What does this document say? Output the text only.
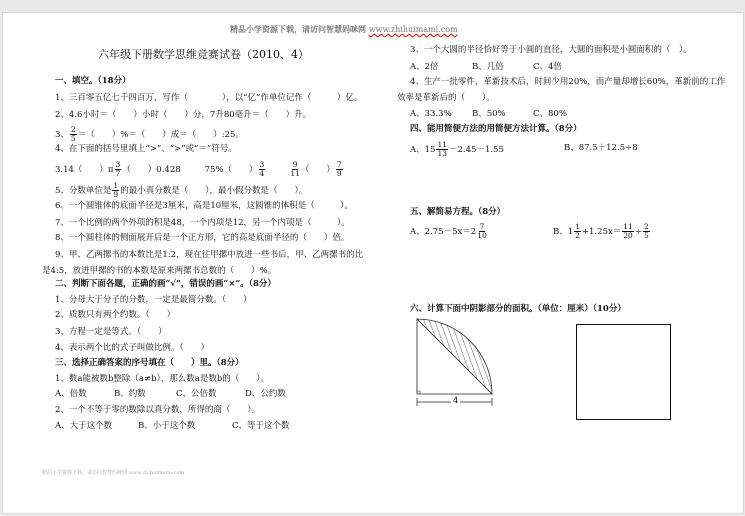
精品小学资源下载，请访问智慧妈咪网 www.zhihuimami.com
六年级下册数学思维竞赛试卷（2010、4）
一、填空。（18分）
1、三百零五亿七千四百万，写作（　　　　），以“亿”作单位记作（　　　）亿。
2、4.6小时＝（　　）小时（　　）分，7升80毫升＝（　　）升。
3、 $\frac{2}{5}$ ＝（　　）%＝（　　）成＝（　　）:25。
4、在下面的括号里填上“>”、“>”或“＝”符号。
3.14（　　）$\pi \frac{3}{7}$ （　　）0.428	75%（　　） $\frac{3}{4}$	$\frac{9}{11}$ （　　） $\frac{7}{9}$
5、分数单位是 $\frac{1}{9}$ 的最小真分数是（　　），最小假分数是（　　）。
6、一个圆锥体的底面半径是3厘米，高是10厘米，这圆锥的体积是（　　　）。
7、一个比例的两个外项的积是48，一个内项是12，另一个内项是（　　　）。
8、一个圆柱体的侧面展开后是一个正方形，它的高是底面半径的（　　）倍。
9、甲、乙两摞书的本数比是1:2，现在往甲摞中放进一些书后，甲、乙两摞书的比
是4:5，放进甲摞的书的本数是原来两摞书总数的（　　）%。
二、判断下面各题，正确的画“√”，错误的画“×”。（8分）
1、分母大于分子的分数，一定是最简分数。（　　）
2、质数只有两个约数。（　　）
3、方程一定是等式。（　　）
4、表示两个比的式子叫做比例。（　　）
三、选择正确答案的序号填在（　　）里。（8分）
1、数a能被数b整除（a≠b），那么数a是数b的（　　）。
A、倍数	B、约数	C、公倍数	D、公约数
2、一个不等于零的数除以真分数，所得的商（　　）。
A、大于这个数	B、小于这个数	C、等于这个数
精品小学资源下载，请访问智慧妈咪网 www.zhihuimami.com
3、一个大圆的半径恰好等于小圆的直径，大圆的面积是小圆面积的（　）。
A、2倍	B、几倍	C、4倍
4、生产一批零件，革新技术后，时间少用20%，而产量却增长60%，革新前的工作
效率是革新后的（　　）。
A、33.3% B、50%	C、80%
四、能用简便方法的用简便方法计算。（8分）
A、$15 \frac{11}{13} -2.45-1.55$	B、87.5＋12.5÷8
五、解简易方程。（8分）
A、$2.75-5x=2 \frac{7}{10}$	B、$1 \frac{1}{2} +1.25x= \frac{11}{20} \div \frac{2}{5}$
六、计算下面中阴影部分的面积。（单位：厘米）（10分）
4
